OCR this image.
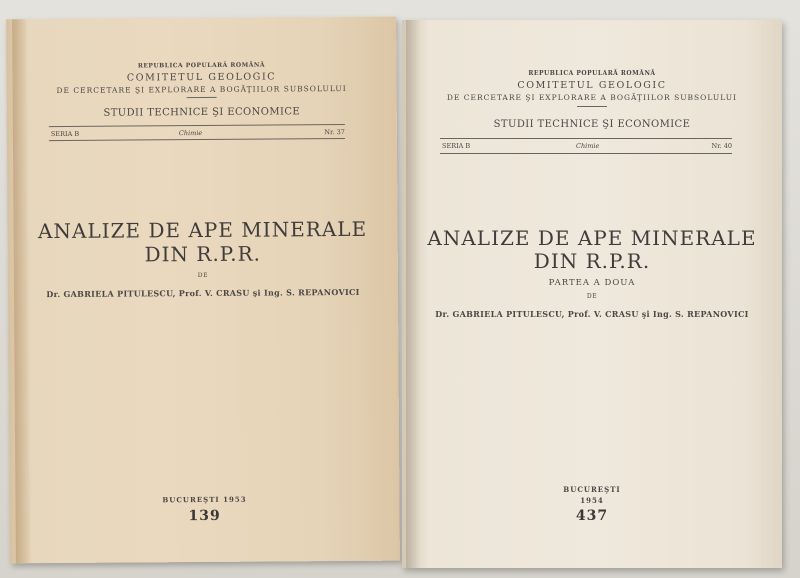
REPUBLICA POPULARĂ ROMÂNĂ
COMITETUL GEOLOGIC
DE CERCETARE ŞI EXPLORARE A BOGĂŢIILOR SUBSOLULUI
STUDII TECHNICE ŞI ECONOMICE
SERIA B	Chimie	Nr. 37
ANALIZE DE APE MINERALE
DIN R.P.R.
DE
Dr. GABRIELA PITULESCU, Prof. V. CRASU şi Ing. S. REPANOVICI
BUCUREŞTI 1953
139
REPUBLICA POPULARĂ ROMÂNĂ
COMITETUL GEOLOGIC
DE CERCETARE ŞI EXPLORARE A BOGĂŢIILOR SUBSOLULUI
STUDII TECHNICE ŞI ECONOMICE
SERIA B	Chimie	Nr. 40
ANALIZE DE APE MINERALE
DIN R.P.R.
PARTEA A DOUA
DE
Dr. GABRIELA PITULESCU, Prof. V. CRASU şi Ing. S. REPANOVICI
BUCUREŞTI
1954
437
